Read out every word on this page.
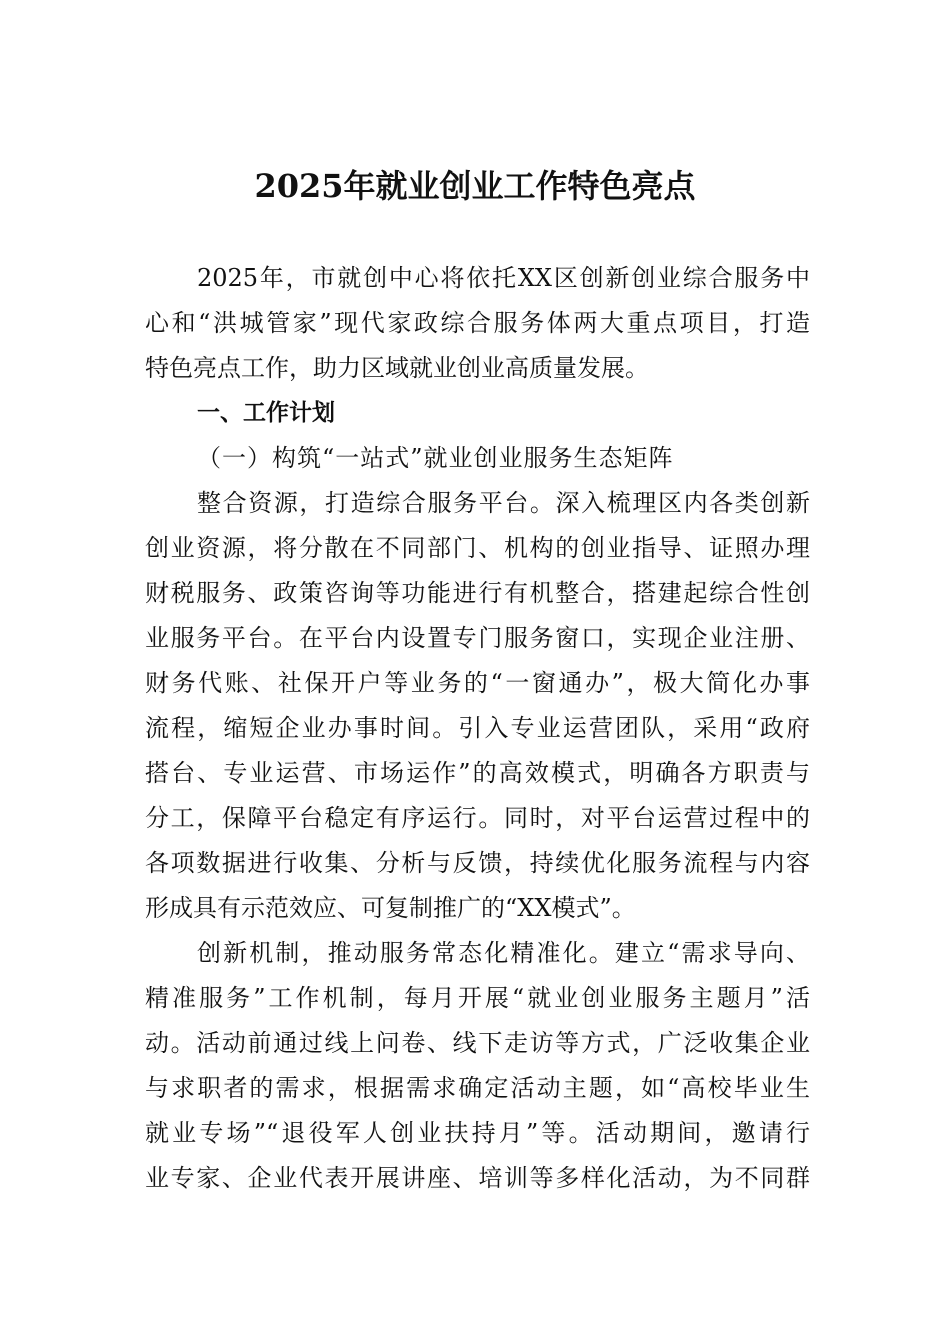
2025年就业创业工作特色亮点
2025年，市就创中心将依托XX区创新创业综合服务中
心和“洪城管家”现代家政综合服务体两大重点项目，打造
特色亮点工作，助力区域就业创业高质量发展。
一、工作计划
（一）构筑“一站式”就业创业服务生态矩阵
整合资源，打造综合服务平台。深入梳理区内各类创新
创业资源，将分散在不同部门、机构的创业指导、证照办理
财税服务、政策咨询等功能进行有机整合，搭建起综合性创
业服务平台。在平台内设置专门服务窗口，实现企业注册、
财务代账、社保开户等业务的“一窗通办”，极大简化办事
流程，缩短企业办事时间。引入专业运营团队，采用“政府
搭台、专业运营、市场运作”的高效模式，明确各方职责与
分工，保障平台稳定有序运行。同时，对平台运营过程中的
各项数据进行收集、分析与反馈，持续优化服务流程与内容
形成具有示范效应、可复制推广的“XX模式”。
创新机制，推动服务常态化精准化。建立“需求导向、
精准服务”工作机制，每月开展“就业创业服务主题月”活
动。活动前通过线上问卷、线下走访等方式，广泛收集企业
与求职者的需求，根据需求确定活动主题，如“高校毕业生
就业专场”“退役军人创业扶持月”等。活动期间，邀请行
业专家、企业代表开展讲座、培训等多样化活动，为不同群
